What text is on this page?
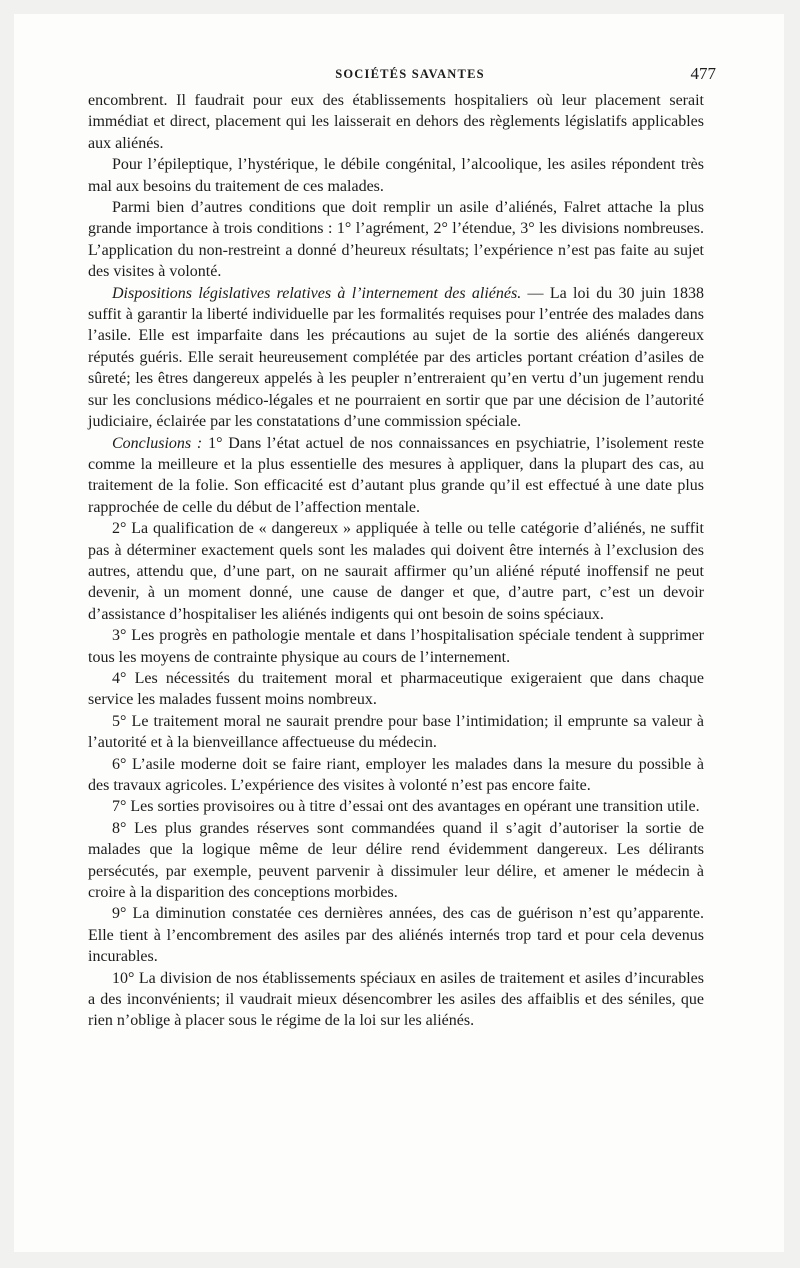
SOCIÉTÉS SAVANTES	477

encombrent. Il faudrait pour eux des établissements hospitaliers où leur placement serait immédiat et direct, placement qui les laisserait en dehors des règlements législatifs applicables aux aliénés.

Pour l’épileptique, l’hystérique, le débile congénital, l’alcoolique, les asiles répondent très mal aux besoins du traitement de ces malades.

Parmi bien d’autres conditions que doit remplir un asile d’aliénés, Falret attache la plus grande importance à trois conditions : 1° l’agrément, 2° l’étendue, 3° les divisions nombreuses. L’application du non-restreint a donné d’heureux résultats; l’expérience n’est pas faite au sujet des visites à volonté.

Dispositions législatives relatives à l’internement des aliénés. — La loi du 30 juin 1838 suffit à garantir la liberté individuelle par les formalités requises pour l’entrée des malades dans l’asile. Elle est imparfaite dans les précautions au sujet de la sortie des aliénés dangereux réputés guéris. Elle serait heureusement complétée par des articles portant création d’asiles de sûreté; les êtres dangereux appelés à les peupler n’entreraient qu’en vertu d’un jugement rendu sur les conclusions médico-légales et ne pourraient en sortir que par une décision de l’autorité judiciaire, éclairée par les constatations d’une commission spéciale.

Conclusions : 1° Dans l’état actuel de nos connaissances en psychiatrie, l’isolement reste comme la meilleure et la plus essentielle des mesures à appliquer, dans la plupart des cas, au traitement de la folie. Son efficacité est d’autant plus grande qu’il est effectué à une date plus rapprochée de celle du début de l’affection mentale.

2° La qualification de « dangereux » appliquée à telle ou telle catégorie d’aliénés, ne suffit pas à déterminer exactement quels sont les malades qui doivent être internés à l’exclusion des autres, attendu que, d’une part, on ne saurait affirmer qu’un aliéné réputé inoffensif ne peut devenir, à un moment donné, une cause de danger et que, d’autre part, c’est un devoir d’assistance d’hospitaliser les aliénés indigents qui ont besoin de soins spéciaux.

3° Les progrès en pathologie mentale et dans l’hospitalisation spéciale tendent à supprimer tous les moyens de contrainte physique au cours de l’internement.

4° Les nécessités du traitement moral et pharmaceutique exigeraient que dans chaque service les malades fussent moins nombreux.

5° Le traitement moral ne saurait prendre pour base l’intimidation; il emprunte sa valeur à l’autorité et à la bienveillance affectueuse du médecin.

6° L’asile moderne doit se faire riant, employer les malades dans la mesure du possible à des travaux agricoles. L’expérience des visites à volonté n’est pas encore faite.

7° Les sorties provisoires ou à titre d’essai ont des avantages en opérant une transition utile.

8° Les plus grandes réserves sont commandées quand il s’agit d’autoriser la sortie de malades que la logique même de leur délire rend évidemment dangereux. Les délirants persécutés, par exemple, peuvent parvenir à dissimuler leur délire, et amener le médecin à croire à la disparition des conceptions morbides.

9° La diminution constatée ces dernières années, des cas de guérison n’est qu’apparente. Elle tient à l’encombrement des asiles par des aliénés internés trop tard et pour cela devenus incurables.

10° La division de nos établissements spéciaux en asiles de traitement et asiles d’incurables a des inconvénients; il vaudrait mieux désencombrer les asiles des affaiblis et des séniles, que rien n’oblige à placer sous le régime de la loi sur les aliénés.
